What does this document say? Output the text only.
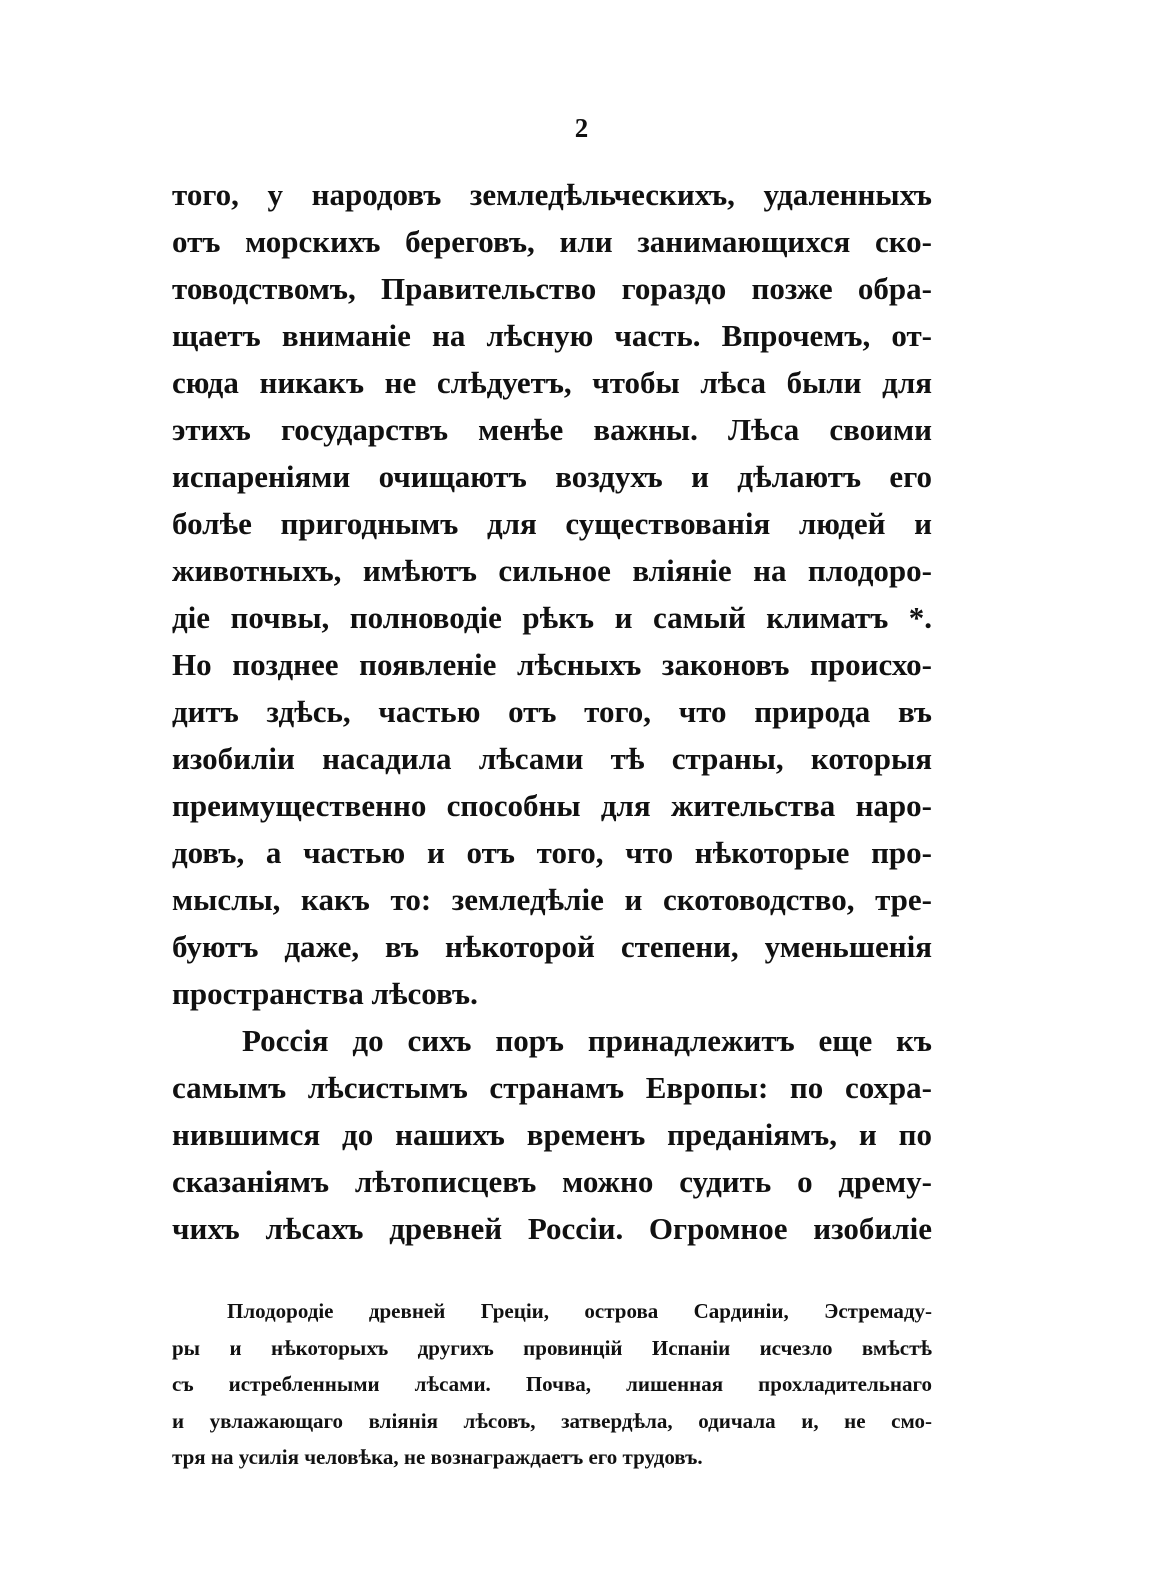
2
того, у народовъ земледѣльческихъ, удаленныхъ
отъ морскихъ береговъ, или занимающихся ско-
товодствомъ, Правительство гораздо позже обра-
щаетъ вниманіе на лѣсную часть. Впрочемъ, от-
сюда никакъ не слѣдуетъ, чтобы лѣса были для
этихъ государствъ менѣе важны. Лѣса своими
испареніями очищаютъ воздухъ и дѣлаютъ его
болѣе пригоднымъ для существованія людей и
животныхъ, имѣютъ сильное вліяніе на плодоро-
діе почвы, полноводіе рѣкъ и самый климатъ *.
Но позднее появленіе лѣсныхъ законовъ происхо-
дитъ здѣсь, частью отъ того, что природа въ
изобиліи насадила лѣсами тѣ страны, которыя
преимущественно способны для жительства наро-
довъ, а частью и отъ того, что нѣкоторые про-
мыслы, какъ то: земледѣліе и скотоводство, тре-
буютъ даже, въ нѣкоторой степени, уменьшенія
пространства лѣсовъ.
Россія до сихъ поръ принадлежитъ еще къ
самымъ лѣсистымъ странамъ Европы: по сохра-
нившимся до нашихъ временъ преданіямъ, и по
сказаніямъ лѣтописцевъ можно судить о дрему-
чихъ лѣсахъ древней Россіи. Огромное изобиліе
Плодородіе древней Греціи, острова Сардиніи, Эстремаду-
ры и нѣкоторыхъ другихъ провинцій Испаніи исчезло вмѣстѣ
съ истребленными лѣсами. Почва, лишенная прохладительнаго
и увлажающаго вліянія лѣсовъ, затвердѣла, одичала и, не смо-
тря на усилія человѣка, не вознаграждаетъ его трудовъ.
